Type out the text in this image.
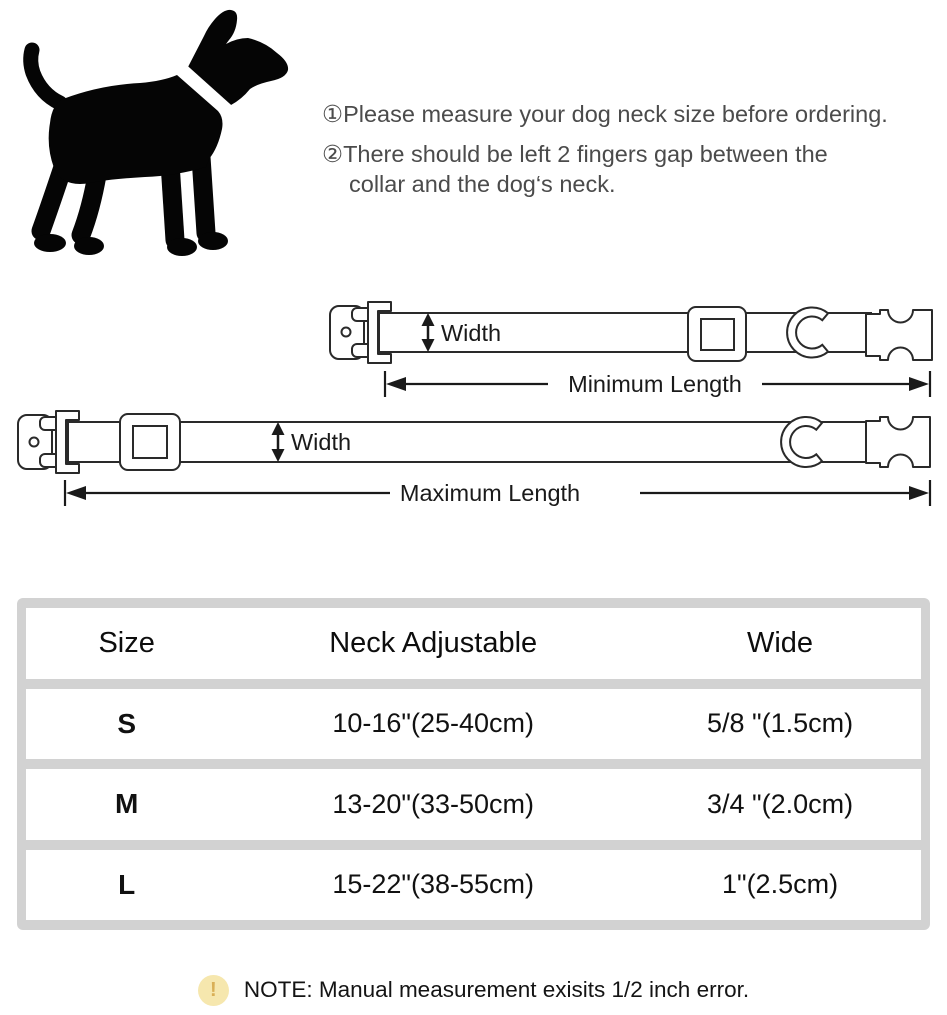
①Please measure your dog neck size before ordering.
②There should be left 2 fingers gap between the
collar and the dog‘s neck.
Width
Minimum Length
Width
Maximum Length
Size	Neck Adjustable	Wide
S	10-16"(25-40cm)	5/8 "(1.5cm)
M	13-20"(33-50cm)	3/4 "(2.0cm)
L	15-22"(38-55cm)	1"(2.5cm)
!	NOTE: Manual measurement exisits 1/2 inch error.
